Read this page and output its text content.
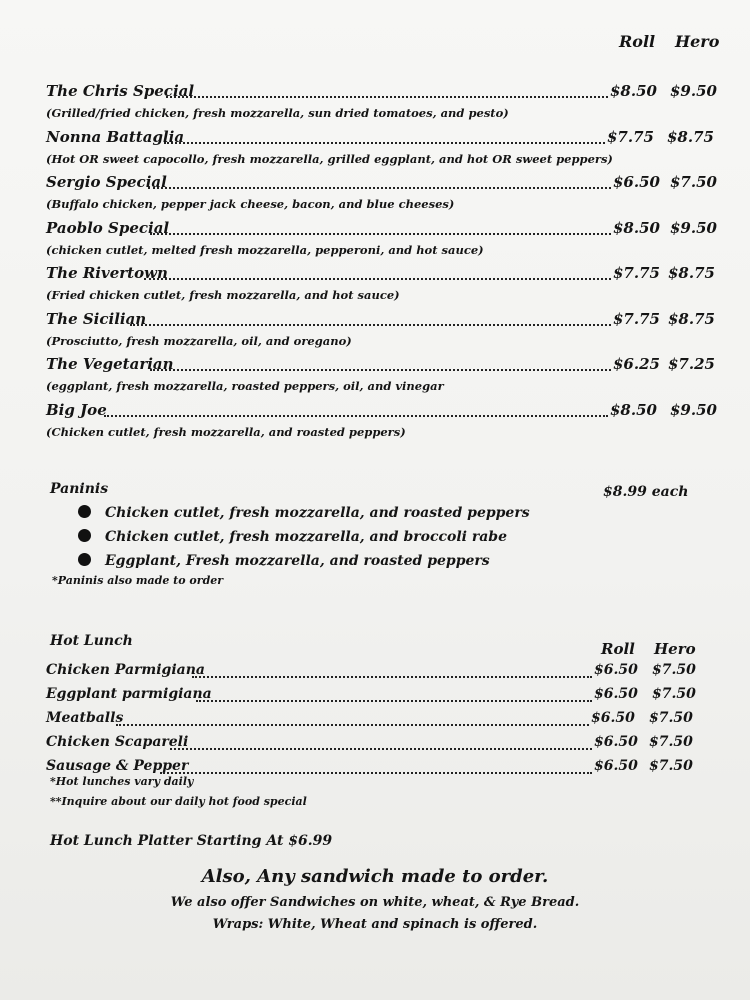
Roll Hero
The Chris Special	$8.50 $9.50
(Grilled/fried chicken, fresh mozzarella, sun dried tomatoes, and pesto)
Nonna Battaglia	$7.75 $8.75
(Hot OR sweet capocollo, fresh mozzarella, grilled eggplant, and hot OR sweet peppers)
Sergio Special	$6.50 $7.50
(Buffalo chicken, pepper jack cheese, bacon, and blue cheeses)
Paoblo Special	$8.50 $9.50
(chicken cutlet, melted fresh mozzarella, pepperoni, and hot sauce)
The Rivertown	$7.75 $8.75
(Fried chicken cutlet, fresh mozzarella, and hot sauce)
The Sicilian	$7.75 $8.75
(Prosciutto, fresh mozzarella, oil, and oregano)
The Vegetarian	$6.25 $7.25
(eggplant, fresh mozzarella, roasted peppers, oil, and vinegar
Big Joe	$8.50 $9.50
(Chicken cutlet, fresh mozzarella, and roasted peppers)
Paninis	$8.99 each
Chicken cutlet, fresh mozzarella, and roasted peppers
Chicken cutlet, fresh mozzarella, and broccoli rabe
Eggplant, Fresh mozzarella, and roasted peppers
*Paninis also made to order
Hot Lunch	Roll Hero
Chicken Parmigiana	$6.50 $7.50
Eggplant parmigiana	$6.50 $7.50
Meatballs	$6.50 $7.50
Chicken Scapareli	$6.50 $7.50
Sausage & Pepper	$6.50 $7.50
*Hot lunches vary daily
**Inquire about our daily hot food special
Hot Lunch Platter Starting At $6.99
Also, Any sandwich made to order.
We also offer Sandwiches on white, wheat, & Rye Bread.
Wraps: White, Wheat and spinach is offered.
